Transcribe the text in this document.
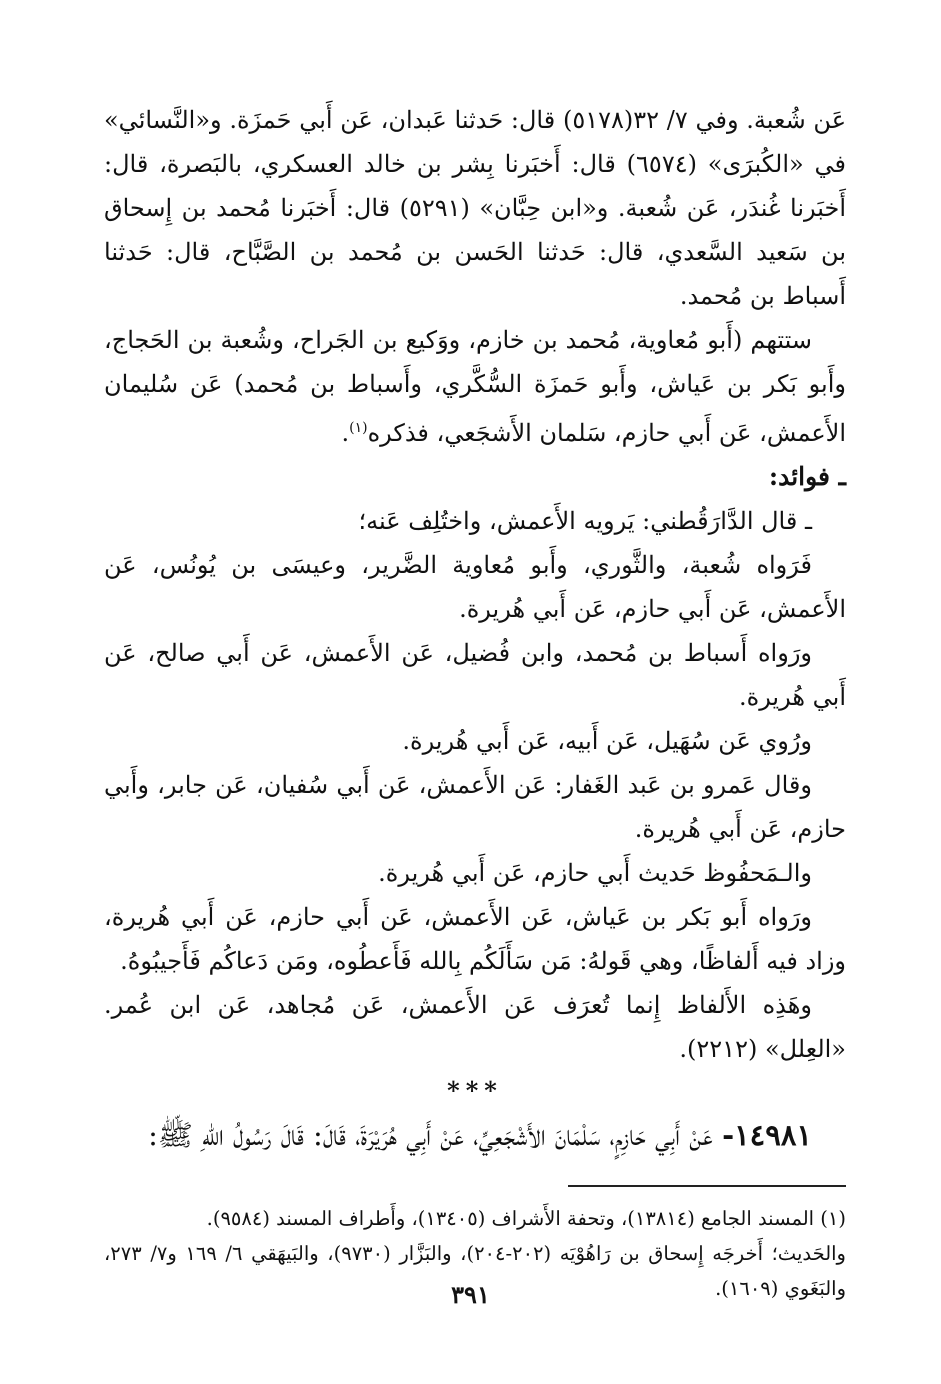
عَن شُعبة. وفي ٧/ ٣٢(٥١٧٨) قال: حَدثنا عَبدان، عَن أَبي حَمزَة. و«النَّسائي» في «الكُبرَى» (٦٥٧٤) قال: أَخبَرنا بِشر بن خالد العسكري، بالبَصرة، قال: أَخبَرنا غُندَر، عَن شُعبة. و«ابن حِبَّان» (٥٢٩١) قال: أَخبَرنا مُحمد بن إِسحاق بن سَعيد السَّعدي، قال: حَدثنا الحَسن بن مُحمد بن الصَّبَّاح، قال: حَدثنا أَسباط بن مُحمد.

ستتهم (أَبو مُعاوية، مُحمد بن خازم، ووَكيع بن الجَراح، وشُعبة بن الحَجاج، وأَبو بَكر بن عَياش، وأَبو حَمزَة السُّكَّري، وأَسباط بن مُحمد) عَن سُليمان الأَعمش، عَن أَبي حازم، سَلمان الأَشجَعي، فذكره$^{(١)}$.

ـ فوائد:

ـ قال الدَّارَقُطني: يَرويه الأَعمش، واختُلِف عَنه؛

فَرَواه شُعبة، والثَّوري، وأَبو مُعاوية الضَّرير، وعيسَى بن يُونُس، عَن الأَعمش، عَن أَبي حازم، عَن أَبي هُريرة.

ورَواه أَسباط بن مُحمد، وابن فُضيل، عَن الأَعمش، عَن أَبي صالح، عَن أَبي هُريرة.

ورُوي عَن سُهَيل، عَن أَبيه، عَن أَبي هُريرة.

وقال عَمرو بن عَبد الغَفار: عَن الأَعمش، عَن أَبي سُفيان، عَن جابر، وأَبي حازم، عَن أَبي هُريرة.

والـمَحفُوظ حَديث أَبي حازم، عَن أَبي هُريرة.

ورَواه أَبو بَكر بن عَياش، عَن الأَعمش، عَن أَبي حازم، عَن أَبي هُريرة، وزاد فيه أَلفاظًا، وهي قَولهُ: مَن سَأَلَكُم بِالله فَأَعطُوه، ومَن دَعاكُم فَأَجيبُوهُ.

وهَذِه الأَلفاظ إِنما تُعرَف عَن الأَعمش، عَن مُجاهد، عَن ابن عُمر. «العِلل» (٢٢١٢).

***

١٤٩٨١- عَنْ أَبِي حَازِمٍ، سَلْمَانَ الأَشْجَعِيِّ، عَنْ أَبِي هُرَيْرَةَ، قَالَ: قَالَ رَسُولُ اللهِ ﷺ:

(١) المسند الجامع (١٣٨١٤)، وتحفة الأَشراف (١٣٤٠٥)، وأَطراف المسند (٩٥٨٤).

والحَديث؛ أَخرجَه إِسحاق بن رَاهُوْيَه (٢٠٢-٢٠٤)، والبَزَّار (٩٧٣٠)، والبَيهَقي ٦/ ١٦٩ و٧/ ٢٧٣، والبَغَوي (١٦٠٩).

٣٩١
